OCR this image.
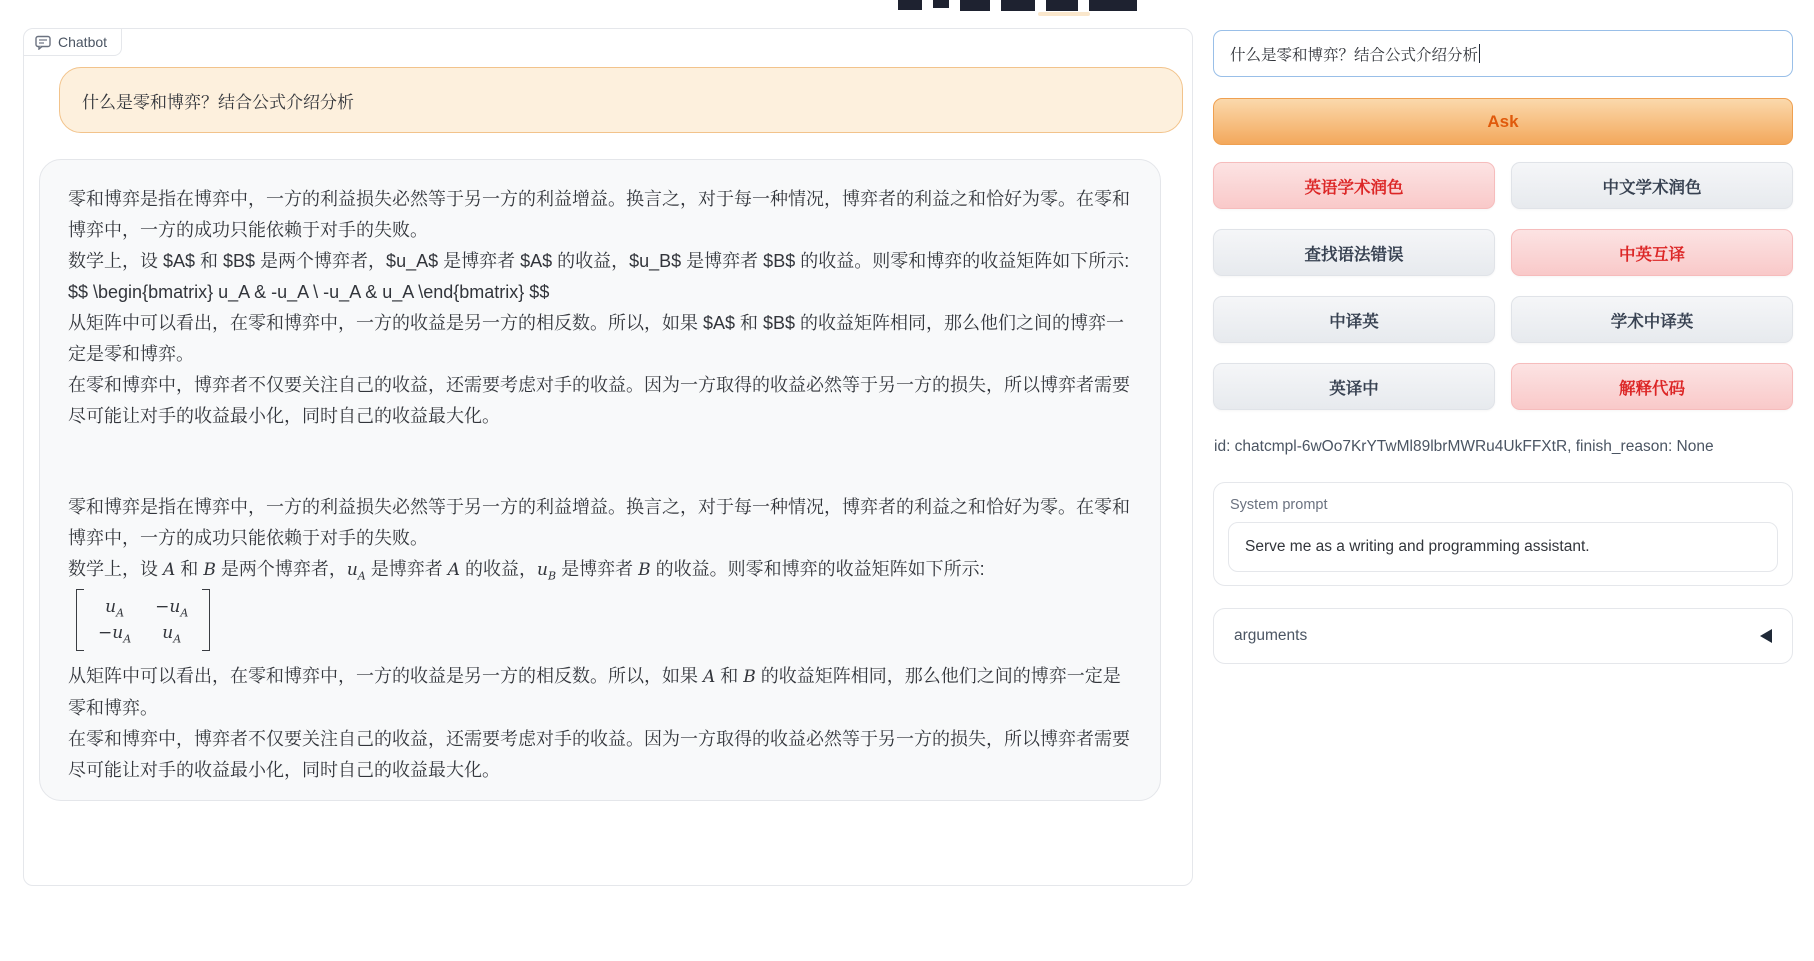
Chatbot
什么是零和博弈？结合公式介绍分析

零和博弈是指在博弈中，一方的利益损失必然等于另一方的利益增益。换言之，对于每一种情况，博弈者的利益之和恰好为零。在零和博弈中，一方的成功只能依赖于对手的失败。

数学上，设 $A$ 和 $B$ 是两个博弈者，$u_A$ 是博弈者 $A$ 的收益，$u_B$ 是博弈者 $B$ 的收益。则零和博弈的收益矩阵如下所示:

$$ \begin{bmatrix} u_A & -u_A \ -u_A & u_A \end{bmatrix} $$

从矩阵中可以看出，在零和博弈中，一方的收益是另一方的相反数。所以，如果 $A$ 和 $B$ 的收益矩阵相同，那么他们之间的博弈一定是零和博弈。

在零和博弈中，博弈者不仅要关注自己的收益，还需要考虑对手的收益。因为一方取得的收益必然等于另一方的损失，所以博弈者需要尽可能让对手的收益最小化，同时自己的收益最大化。

零和博弈是指在博弈中，一方的利益损失必然等于另一方的利益增益。换言之，对于每一种情况，博弈者的利益之和恰好为零。在零和博弈中，一方的成功只能依赖于对手的失败。

数学上，设 A 和 B 是两个博弈者，$u_A$ 是博弈者 A 的收益，$u_B$ 是博弈者 B 的收益。则零和博弈的收益矩阵如下所示:

$u_A -u_A$
$-u_A$ $u_A$

从矩阵中可以看出，在零和博弈中，一方的收益是另一方的相反数。所以，如果 A 和 B 的收益矩阵相同，那么他们之间的博弈一定是零和博弈。

在零和博弈中，博弈者不仅要关注自己的收益，还需要考虑对手的收益。因为一方取得的收益必然等于另一方的损失，所以博弈者需要尽可能让对手的收益最小化，同时自己的收益最大化。

什么是零和博弈？结合公式介绍分析
Ask
英语学术润色	中文学术润色
查找语法错误	中英互译
中译英	学术中译英
英译中	解释代码
id: chatcmpl-6wOo7KrYTwMl89lbrMWRu4UkFFXtR, finish_reason: None
System prompt
Serve me as a writing and programming assistant.
arguments
